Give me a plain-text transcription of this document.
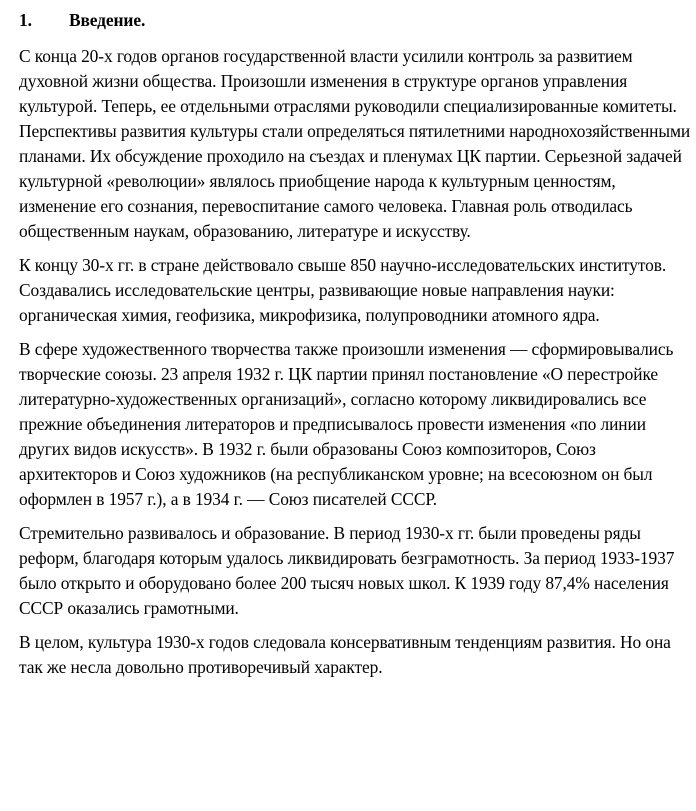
1.	Введение.

С конца 20-х годов органов государственной власти усилили контроль за развитием духовной жизни общества. Произошли изменения в структуре органов управления культурой. Теперь, ее отдельными отраслями руководили специализированные комитеты. Перспективы развития культуры стали определяться пятилетними народнохозяйственными планами. Их обсуждение проходило на съездах и пленумах ЦК партии. Серьезной задачей культурной «революции» являлось приобщение народа к культурным ценностям, изменение его сознания, перевоспитание самого человека. Главная роль отводилась общественным наукам, образованию, литературе и искусству.

К концу 30-х гг. в стране действовало свыше 850 научно-исследовательских институтов. Создавались исследовательские центры, развивающие новые направления науки: органическая химия, геофизика, микрофизика, полупроводники атомного ядра.

В сфере художественного творчества также произошли изменения — сформировывались творческие союзы. 23 апреля 1932 г. ЦК партии принял постановление «О перестройке литературно-художественных организаций», согласно которому ликвидировались все прежние объединения литераторов и предписывалось провести изменения «по линии других видов искусств». В 1932 г. были образованы Союз композиторов, Союз архитекторов и Союз художников (на республиканском уровне; на всесоюзном он был оформлен в 1957 г.), а в 1934 г. — Союз писателей СССР.

Стремительно развивалось и образование. В период 1930-х гг. были проведены ряды реформ, благодаря которым удалось ликвидировать безграмотность. За период 1933-1937 было открыто и оборудовано более 200 тысяч новых школ. К 1939 году 87,4% населения СССР оказались грамотными.

В целом, культура 1930-х годов следовала консервативным тенденциям развития. Но она так же несла довольно противоречивый характер.
